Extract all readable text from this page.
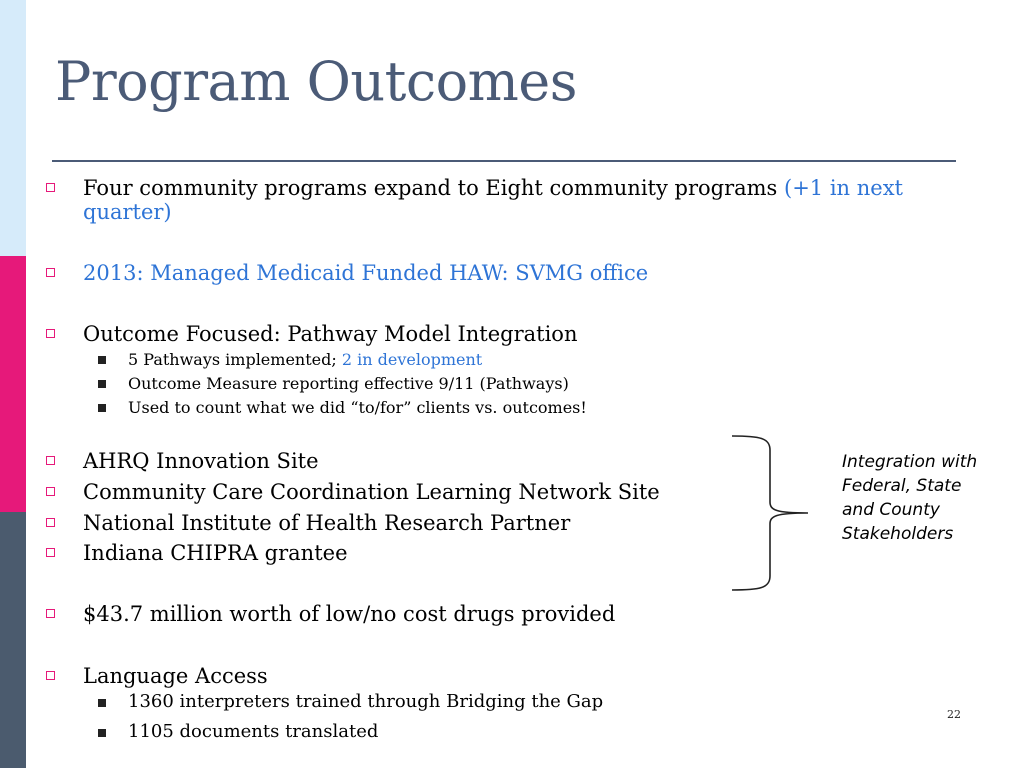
Program Outcomes
Four community programs expand to Eight community programs (+1 in next quarter)
2013: Managed Medicaid Funded HAW: SVMG office
Outcome Focused: Pathway Model Integration
5 Pathways implemented; 2 in development
Outcome Measure reporting effective 9/11 (Pathways)
Used to count what we did “to/for” clients vs. outcomes!
AHRQ Innovation Site
Community Care Coordination Learning Network Site
National Institute of Health Research Partner
Indiana CHIPRA grantee
$43.7 million worth of low/no cost drugs provided
Language Access
1360 interpreters trained through Bridging the Gap
1105 documents translated
Integration with Federal, State and County Stakeholders
22
